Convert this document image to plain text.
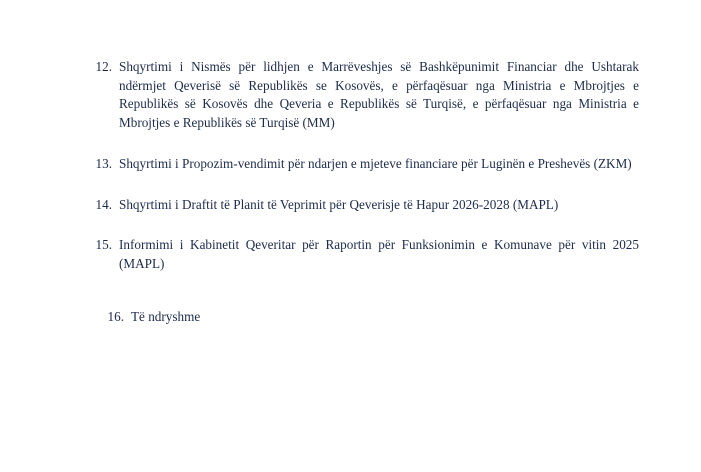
12. Shqyrtimi i Nismës për lidhjen e Marrëveshjes së Bashkëpunimit Financiar dhe Ushtarak ndërmjet Qeverisë së Republikës se Kosovës, e përfaqësuar nga Ministria e Mbrojtjes e Republikës së Kosovës dhe Qeveria e Republikës së Turqisë, e përfaqësuar nga Ministria e Mbrojtjes e Republikës së Turqisë (MM)
13. Shqyrtimi i Propozim-vendimit për ndarjen e mjeteve financiare për Luginën e Preshevës (ZKM)
14. Shqyrtimi i Draftit të Planit të Veprimit për Qeverisje të Hapur 2026-2028 (MAPL)
15. Informimi i Kabinetit Qeveritar për Raportin për Funksionimin e Komunave për vitin 2025 (MAPL)
16. Të ndryshme
